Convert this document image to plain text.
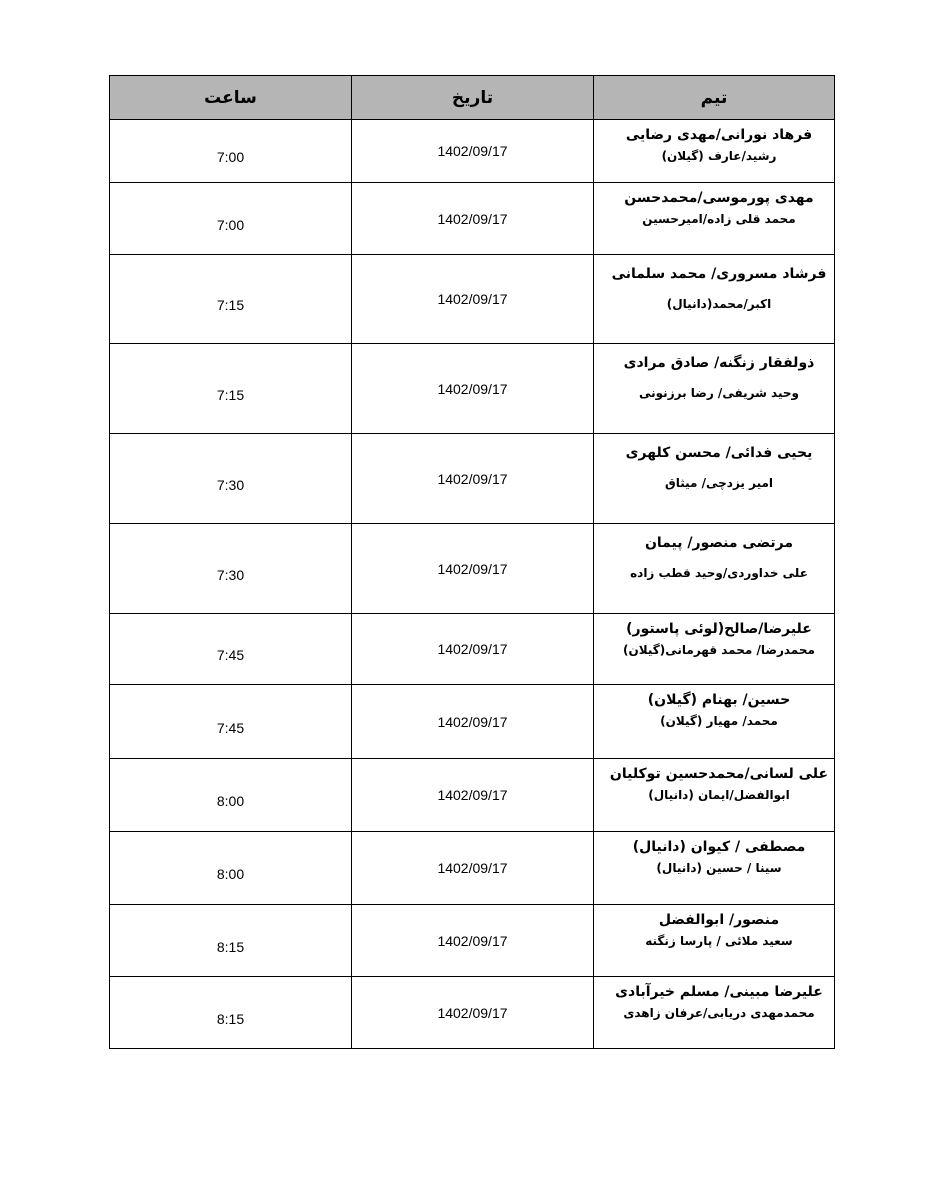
ساعت	تاریخ	تیم
7:00	1402/09/17	فرهاد نورانی/مهدی رضایی
رشید/عارف (گیلان)

7:00	1402/09/17	مهدی پورموسی/محمدحسن
محمد قلی زاده/امیرحسین

7:15	1402/09/17	فرشاد مسروری/ محمد سلمانی
اکبر/محمد(دانیال)

7:15	1402/09/17	ذولفقار زنگنه/ صادق مرادی
وحید شریفی/ رضا برزنونی

7:30	1402/09/17	یحیی فدائی/ محسن کلهری
امیر یزدچی/ میثاق

7:30	1402/09/17	مرتضی منصور/ پیمان
علی خداوردی/وحید قطب زاده

7:45	1402/09/17	علیرضا/صالح(لوئی پاستور)
محمدرضا/ محمد قهرمانی(گیلان)

7:45	1402/09/17	حسین/ بهنام (گیلان)
محمد/ مهیار (گیلان)

8:00	1402/09/17	علی لسانی/محمدحسین توکلیان
ابوالفضل/ایمان (دانیال)

8:00	1402/09/17	مصطفی / کیوان (دانیال)
سینا / حسین (دانیال)

8:15	1402/09/17	منصور/ ابوالفضل
سعید ملائی / پارسا زنگنه

8:15	1402/09/17	علیرضا مبینی/ مسلم خیرآبادی
محمدمهدی دریابی/عرفان زاهدی
